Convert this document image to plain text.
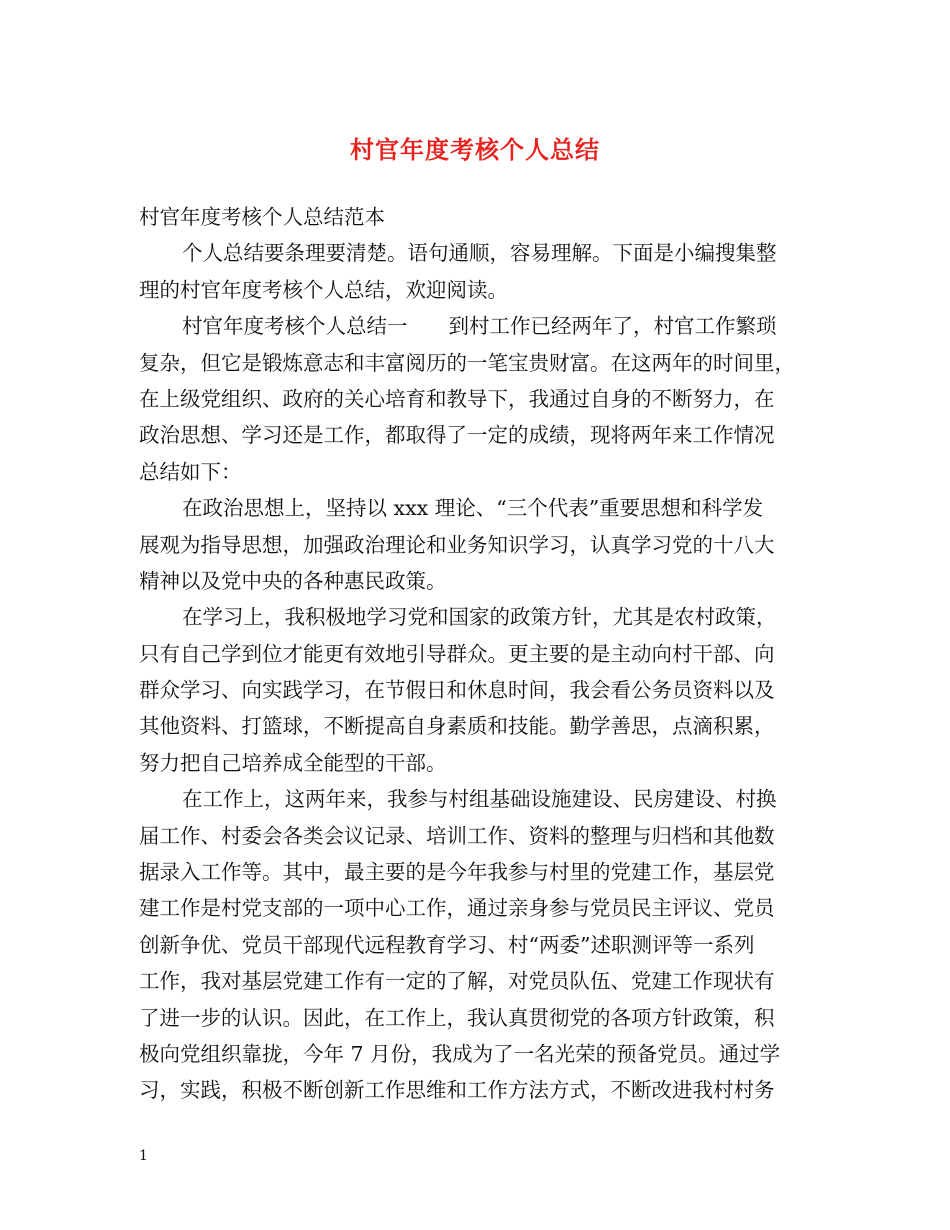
村官年度考核个人总结
村官年度考核个人总结范本
个人总结要条理要清楚。语句通顺，容易理解。下面是小编搜集整
理的村官年度考核个人总结，欢迎阅读。
村官年度考核个人总结一　　到村工作已经两年了，村官工作繁琐
复杂，但它是锻炼意志和丰富阅历的一笔宝贵财富。在这两年的时间里，
在上级党组织、政府的关心培育和教导下，我通过自身的不断努力，在
政治思想、学习还是工作，都取得了一定的成绩，现将两年来工作情况
总结如下：
在政治思想上，坚持以 xxx 理论、“三个代表”重要思想和科学发
展观为指导思想，加强政治理论和业务知识学习，认真学习党的十八大
精神以及党中央的各种惠民政策。
在学习上，我积极地学习党和国家的政策方针，尤其是农村政策，
只有自己学到位才能更有效地引导群众。更主要的是主动向村干部、向
群众学习、向实践学习，在节假日和休息时间，我会看公务员资料以及
其他资料、打篮球，不断提高自身素质和技能。勤学善思，点滴积累，
努力把自己培养成全能型的干部。
在工作上，这两年来，我参与村组基础设施建设、民房建设、村换
届工作、村委会各类会议记录、培训工作、资料的整理与归档和其他数
据录入工作等。其中，最主要的是今年我参与村里的党建工作，基层党
建工作是村党支部的一项中心工作，通过亲身参与党员民主评议、党员
创新争优、党员干部现代远程教育学习、村“两委”述职测评等一系列
工作，我对基层党建工作有一定的了解，对党员队伍、党建工作现状有
了进一步的认识。因此，在工作上，我认真贯彻党的各项方针政策，积
极向党组织靠拢，今年 7 月份，我成为了一名光荣的预备党员。通过学
习，实践，积极不断创新工作思维和工作方法方式，不断改进我村村务
1
